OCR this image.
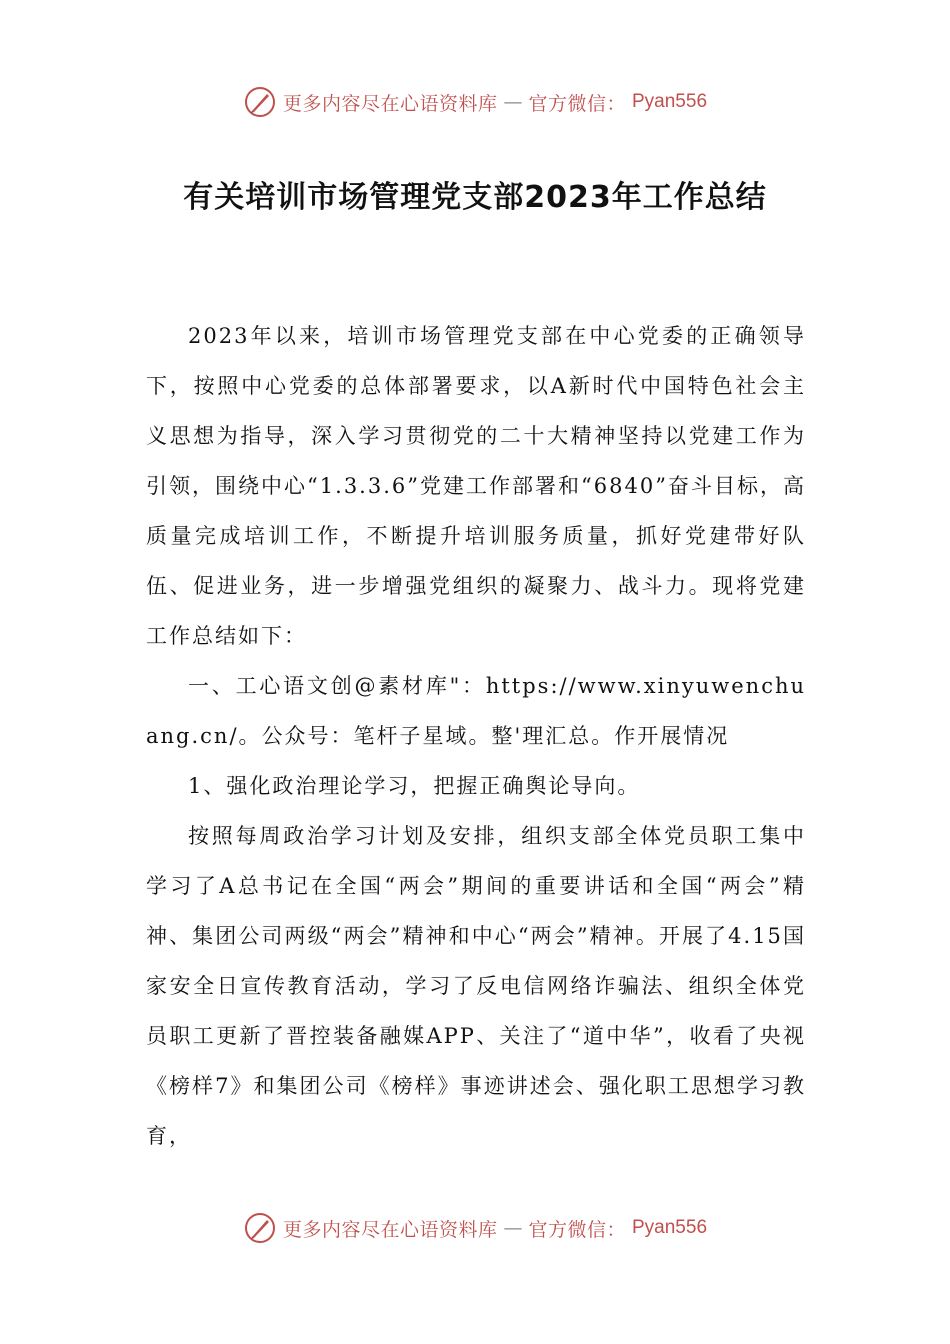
更多内容尽在心语资料库 — 官方微信： Pyan556
有关培训市场管理党支部2023年工作总结

2023年以来，培训市场管理党支部在中心党委的正确领导下，按照中心党委的总体部署要求，以A新时代中国特色社会主义思想为指导，深入学习贯彻党的二十大精神坚持以党建工作为引领，围绕中心“1.3.3.6”党建工作部署和“6840”奋斗目标，高质量完成培训工作，不断提升培训服务质量，抓好党建带好队伍、促进业务，进一步增强党组织的凝聚力、战斗力。现将党建工作总结如下：

一、工心语文创@素材库"：https://www.xinyuwenchuang.cn/。公众号：笔杆子星域。整'理汇总。作开展情况

1、强化政治理论学习，把握正确舆论导向。

按照每周政治学习计划及安排，组织支部全体党员职工集中学习了A总书记在全国“两会”期间的重要讲话和全国“两会”精神、集团公司两级“两会”精神和中心“两会”精神。开展了4.15国家安全日宣传教育活动，学习了反电信网络诈骗法、组织全体党员职工更新了晋控装备融媒APP、关注了“道中华”，收看了央视《榜样7》和集团公司《榜样》事迹讲述会、强化职工思想学习教育，

更多内容尽在心语资料库 — 官方微信： Pyan556
